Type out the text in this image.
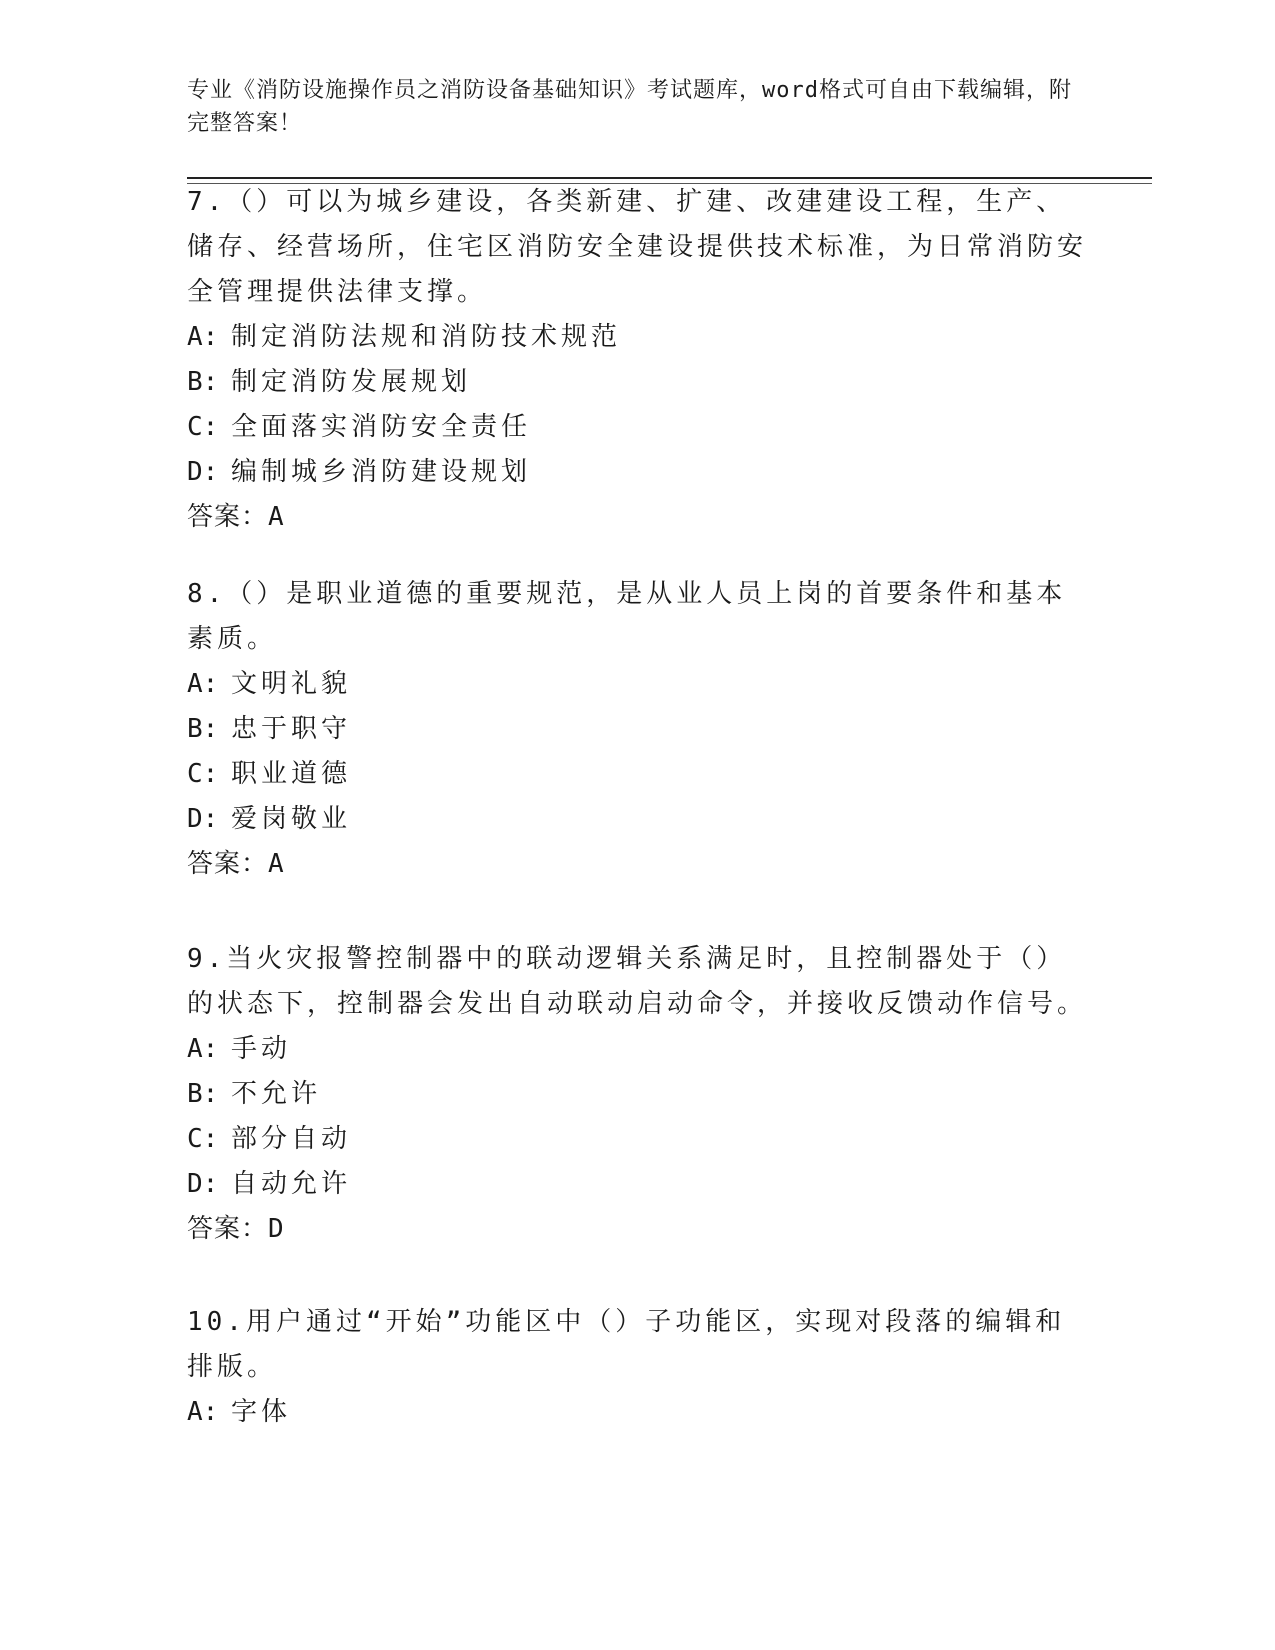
专业《消防设施操作员之消防设备基础知识》考试题库，word格式可自由下载编辑，附完整答案！

7.（）可以为城乡建设，各类新建、扩建、改建建设工程，生产、储存、经营场所，住宅区消防安全建设提供技术标准，为日常消防安全管理提供法律支撑。

A: 制定消防法规和消防技术规范

B: 制定消防发展规划

C: 全面落实消防安全责任

D: 编制城乡消防建设规划

答案：A

8.（）是职业道德的重要规范，是从业人员上岗的首要条件和基本素质。

A: 文明礼貌

B: 忠于职守

C: 职业道德

D: 爱岗敬业

答案：A

9.当火灾报警控制器中的联动逻辑关系满足时，且控制器处于（）的状态下，控制器会发出自动联动启动命令，并接收反馈动作信号。

A: 手动

B: 不允许

C: 部分自动

D: 自动允许

答案：D

10.用户通过“开始”功能区中（）子功能区，实现对段落的编辑和排版。

A: 字体
